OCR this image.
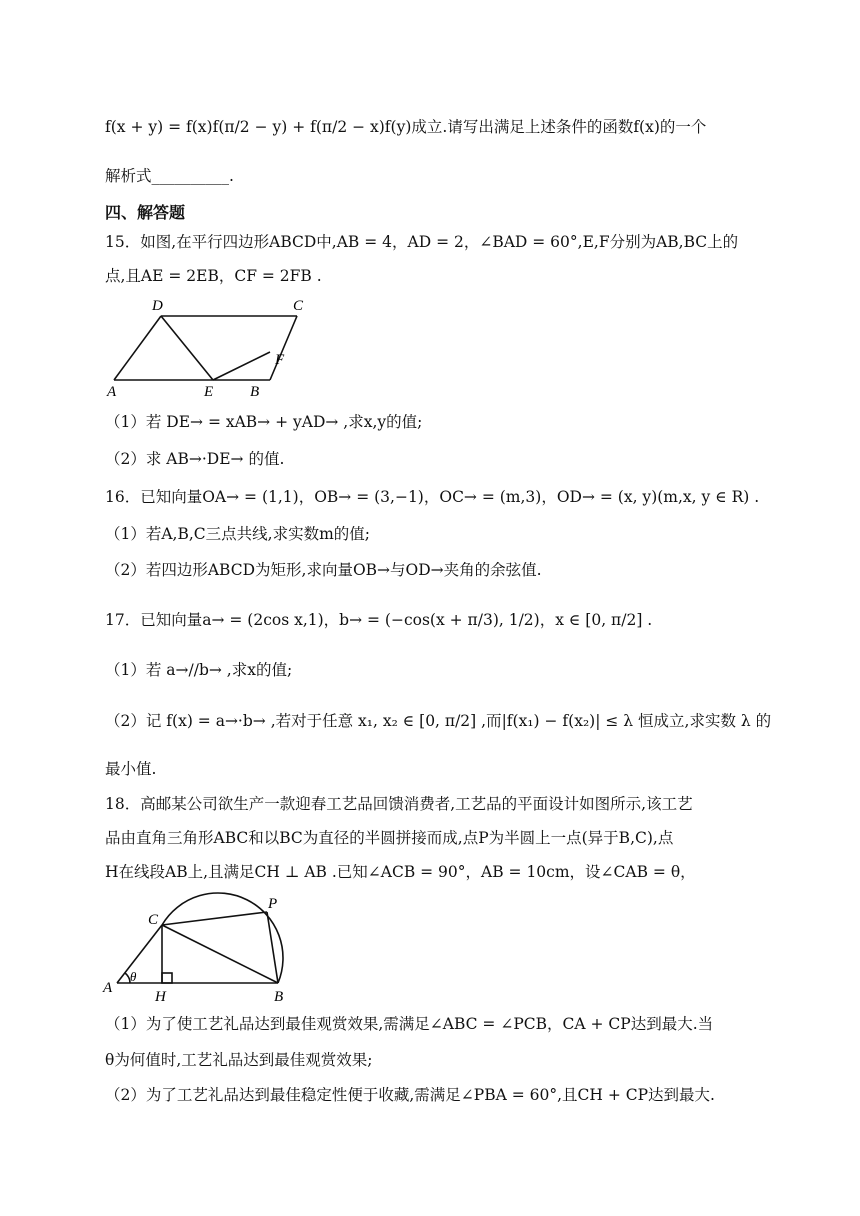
f(x + y) = f(x)f(π/2 − y) + f(π/2 − x)f(y)成立.请写出满足上述条件的函数f(x)的一个
解析式__________.
四、解答题
15．如图,在平行四边形ABCD中,AB = 4，AD = 2，∠BAD = 60°,E,F分别为AB,BC上的
点,且AE = 2EB，CF = 2FB .
A	E B
D	C
F
（1）若 DE→ = xAB→ + yAD→ ,求x,y的值;
（2）求 AB→·DE→ 的值.
16．已知向量OA→ = (1,1)，OB→ = (3,−1)，OC→ = (m,3)，OD→ = (x, y)(m,x, y ∈ R) .
（1）若A,B,C三点共线,求实数m的值;
（2）若四边形ABCD为矩形,求向量OB→与OD→夹角的余弦值.
17．已知向量a→ = (2cos x,1)，b→ = (−cos(x + π/3), 1/2)，x ∈ [0, π/2] .
（1）若 a→//b→ ,求x的值;
（2）记 f(x) = a→·b→ ,若对于任意 x₁, x₂ ∈ [0, π/2] ,而|f(x₁) − f(x₂)| ≤ λ 恒成立,求实数 λ 的
最小值.
18．高邮某公司欲生产一款迎春工艺品回馈消费者,工艺品的平面设计如图所示,该工艺
品由直角三角形ABC和以BC为直径的半圆拼接而成,点P为半圆上一点(异于B,C),点
H在线段AB上,且满足CH ⊥ AB .已知∠ACB = 90°，AB = 10cm，设∠CAB = θ，
A
θ
H	B
C
P
（1）为了使工艺礼品达到最佳观赏效果,需满足∠ABC = ∠PCB，CA + CP达到最大.当
θ为何值时,工艺礼品达到最佳观赏效果;
（2）为了工艺礼品达到最佳稳定性便于收藏,需满足∠PBA = 60°,且CH + CP达到最大.
